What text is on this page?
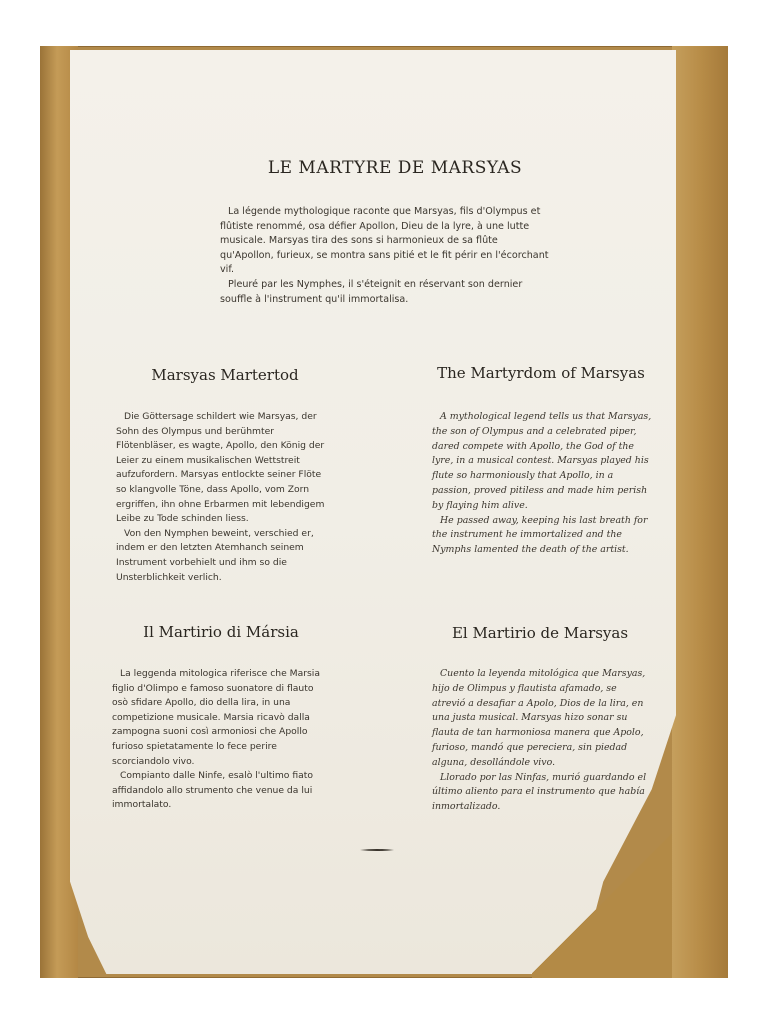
LE MARTYRE DE MARSYAS

La légende mythologique raconte que Marsyas, fils d'Olympus et flûtiste renommé, osa défier Apollon, Dieu de la lyre, à une lutte musicale. Marsyas tira des sons si harmonieux de sa flûte qu'Apollon, furieux, se montra sans pitié et le fit périr en l'écorchant vif.

Pleuré par les Nymphes, il s'éteignit en réservant son dernier souffle à l'instrument qu'il immortalisa.

Marsyas Martertod

Die Göttersage schildert wie Marsyas, der Sohn des Olympus und berühmter Flötenbläser, es wagte, Apollo, den König der Leier zu einem musikalischen Wettstreit aufzufordern. Marsyas entlockte seiner Flöte so klangvolle Töne, dass Apollo, vom Zorn ergriffen, ihn ohne Erbarmen mit lebendigem Leibe zu Tode schinden liess.

Von den Nymphen beweint, verschied er, indem er den letzten Atemhanch seinem Instrument vorbehielt und ihm so die Unsterblichkeit verlich.

The Martyrdom of Marsyas

A mythological legend tells us that Marsyas, the son of Olympus and a celebrated piper, dared compete with Apollo, the God of the lyre, in a musical contest. Marsyas played his flute so harmoniously that Apollo, in a passion, proved pitiless and made him perish by flaying him alive.

He passed away, keeping his last breath for the instrument he immortalized and the Nymphs lamented the death of the artist.

Il Martirio di Mársia

La leggenda mitologica riferisce che Marsia figlio d'Olimpo e famoso suonatore di flauto osò sfidare Apollo, dio della lira, in una competizione musicale. Marsia ricavò dalla zampogna suoni così armoniosi che Apollo furioso spietatamente lo fece perire scorciandolo vivo.

Compianto dalle Ninfe, esalò l'ultimo fiato affidandolo allo strumento che venue da lui immortalato.

El Martirio de Marsyas

Cuento la leyenda mitológica que Marsyas, hijo de Olimpus y flautista afamado, se atrevió a desafiar a Apolo, Dios de la lira, en una justa musical. Marsyas hizo sonar su flauta de tan harmoniosa manera que Apolo, furioso, mandó que pereciera, sin piedad alguna, desollándole vivo.

Llorado por las Ninfas, murió guardando el último aliento para el instrumento que había inmortalizado.
